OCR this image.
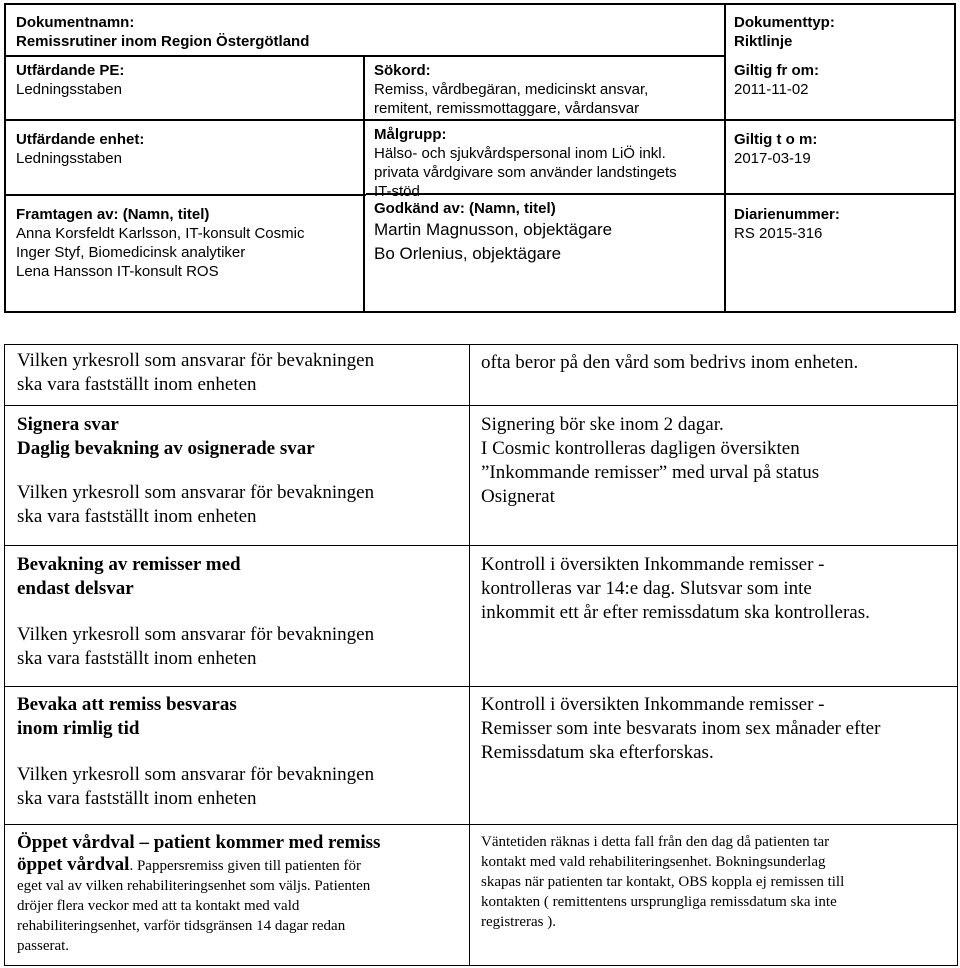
Dokumentnamn:
Remissrutiner inom Region Östergötland
Dokumenttyp:
Riktlinje
Utfärdande PE:
Ledningsstaben
Sökord:
Remiss, vårdbegäran, medicinskt ansvar,
remitent, remissmottaggare, vårdansvar
Giltig fr om:
2011-11-02
Utfärdande enhet:
Ledningsstaben
Målgrupp:
Hälso- och sjukvårdspersonal inom LiÖ inkl.
privata vårdgivare som använder landstingets
IT-stöd
Giltig t o m:
2017-03-19
Framtagen av: (Namn, titel)
Anna Korsfeldt Karlsson, IT-konsult Cosmic
Inger Styf, Biomedicinsk analytiker
Lena Hansson IT-konsult ROS
Godkänd av: (Namn, titel)
Martin Magnusson, objektägare
Bo Orlenius, objektägare
Diarienummer:
RS 2015-316
Vilken yrkesroll som ansvarar för bevakningen
ska vara fastställt inom enheten
ofta beror på den vård som bedrivs inom enheten.
Signera svar
Daglig bevakning av osignerade svar
Vilken yrkesroll som ansvarar för bevakningen
ska vara fastställt inom enheten
Signering bör ske inom 2 dagar.
I Cosmic kontrolleras dagligen översikten
”Inkommande remisser” med urval på status
Osignerat
Bevakning av remisser med
endast delsvar
Vilken yrkesroll som ansvarar för bevakningen
ska vara fastställt inom enheten
Kontroll i översikten Inkommande remisser -
kontrolleras var 14:e dag. Slutsvar som inte
inkommit ett år efter remissdatum ska kontrolleras.
Bevaka att remiss besvaras
inom rimlig tid
Vilken yrkesroll som ansvarar för bevakningen
ska vara fastställt inom enheten
Kontroll i översikten Inkommande remisser -
Remisser som inte besvarats inom sex månader efter
Remissdatum ska efterforskas.
Öppet vårdval – patient kommer med remiss
öppet vårdval. Pappersremiss given till patienten för
eget val av vilken rehabiliteringsenhet som väljs. Patienten
dröjer flera veckor med att ta kontakt med vald
rehabiliteringsenhet, varför tidsgränsen 14 dagar redan
passerat.
Väntetiden räknas i detta fall från den dag då patienten tar
kontakt med vald rehabiliteringsenhet. Bokningsunderlag
skapas när patienten tar kontakt, OBS koppla ej remissen till
kontakten ( remittentens ursprungliga remissdatum ska inte
registreras ).
